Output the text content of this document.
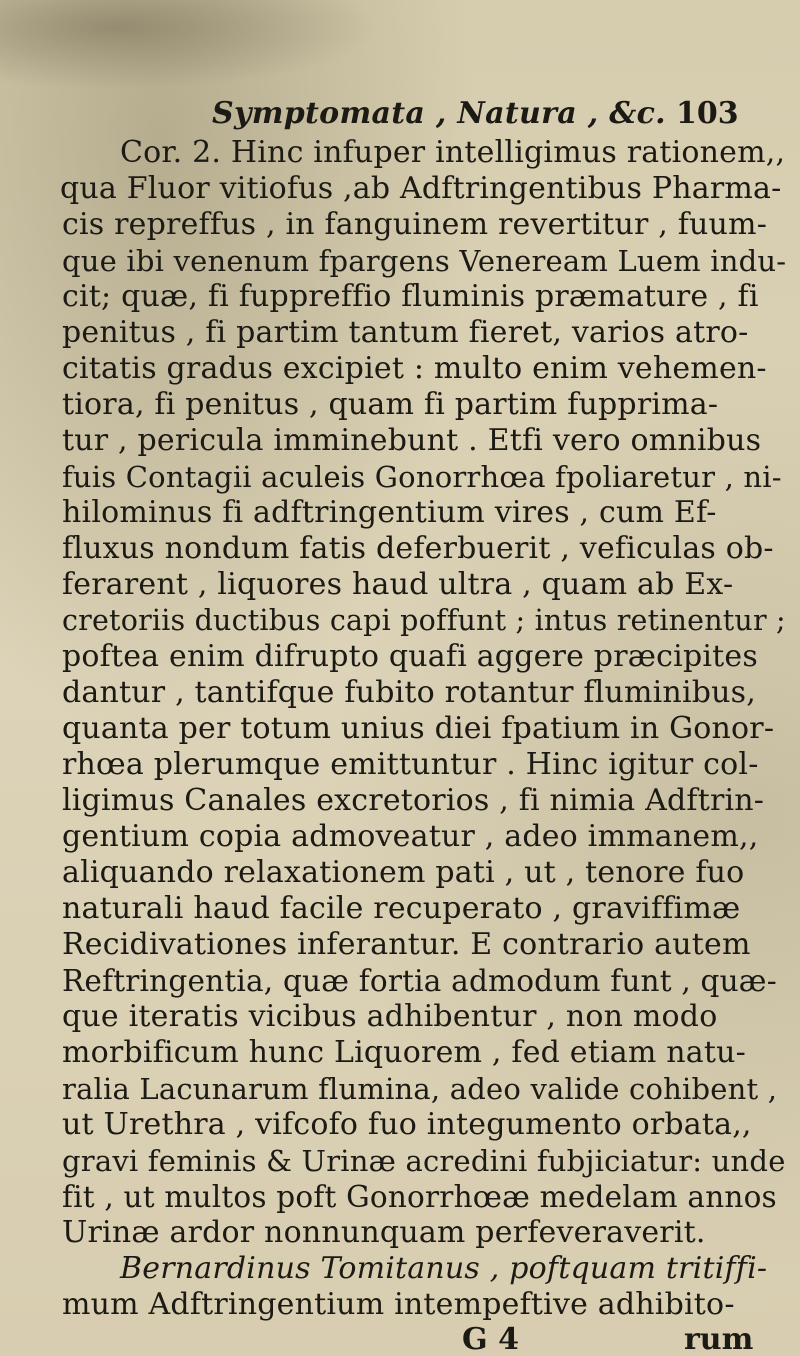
Symptomata , Natura , &c. 103
Cor. 2. Hinc infuper intelligimus rationem,,
qua Fluor vitiofus ,ab Adftringentibus Pharma-
cis repreffus , in fanguinem revertitur , fuum-
que ibi venenum fpargens Veneream Luem indu-
cit; quæ, fi fuppreffio fluminis præmature , fi
penitus , fi partim tantum fieret, varios atro-
citatis gradus excipiet : multo enim vehemen-
tiora, fi penitus , quam fi partim fupprima-
tur , pericula imminebunt . Etfi vero omnibus
fuis Contagii aculeis Gonorrhœa fpoliaretur , ni-
hilominus fi adftringentium vires , cum Ef-
fluxus nondum fatis deferbuerit , veficulas ob-
ferarent , liquores haud ultra , quam ab Ex-
cretoriis ductibus capi poffunt ; intus retinentur ;
poftea enim difrupto quafi aggere præcipites
dantur , tantifque fubito rotantur fluminibus,
quanta per totum unius diei fpatium in Gonor-
rhœa plerumque emittuntur . Hinc igitur col-
ligimus Canales excretorios , fi nimia Adftrin-
gentium copia admoveatur , adeo immanem,,
aliquando relaxationem pati , ut , tenore fuo
naturali haud facile recuperato , graviffimæ
Recidivationes inferantur. E contrario autem
Reftringentia, quæ fortia admodum funt , quæ-
que iteratis vicibus adhibentur , non modo
morbificum hunc Liquorem , fed etiam natu-
ralia Lacunarum flumina, adeo valide cohibent ,
ut Urethra , vifcofo fuo integumento orbata,,
gravi feminis & Urinæ acredini fubjiciatur: unde
fit , ut multos poft Gonorrhœæ medelam annos
Urinæ ardor nonnunquam perfeveraverit.
Bernardinus Tomitanus , poftquam tritiffi-
mum Adftringentium intempeftive adhibito-
G 4	rum
